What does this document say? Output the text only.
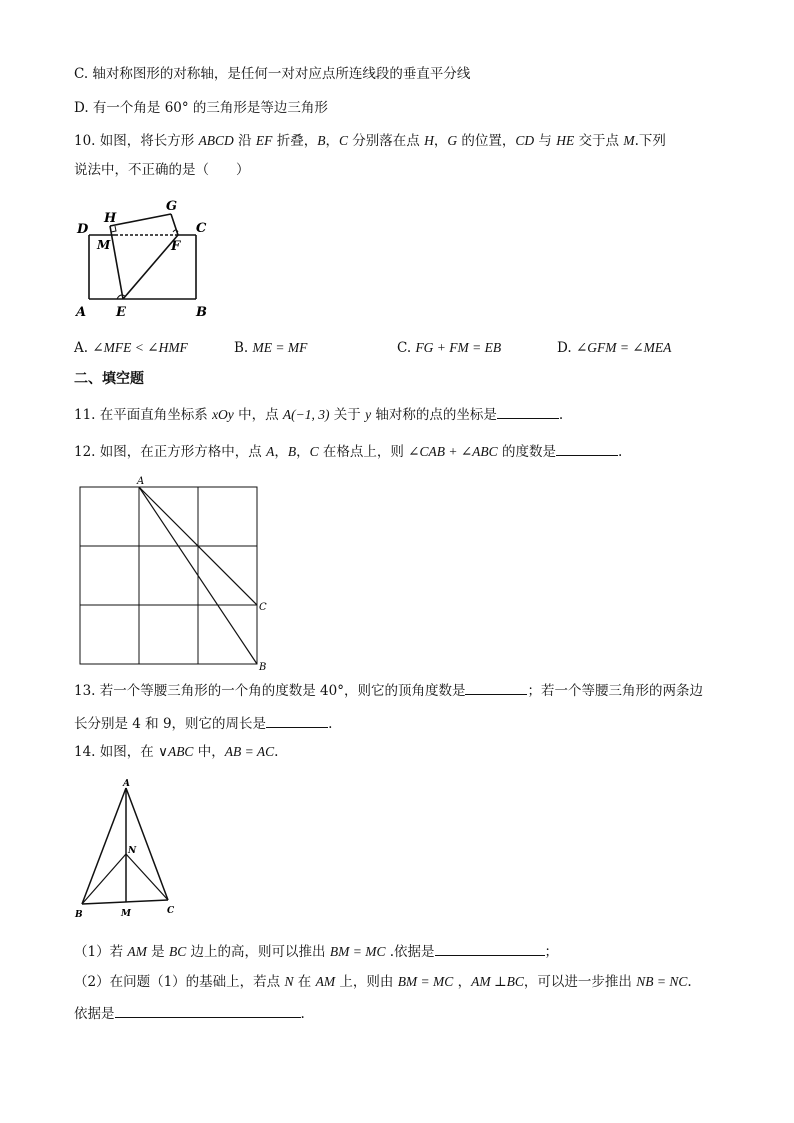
C. 轴对称图形的对称轴，是任何一对对应点所连线段的垂直平分线
D. 有一个角是 60° 的三角形是等边三角形
10. 如图，将长方形 ABCD 沿 EF 折叠，B，C 分别落在点 H，G 的位置，CD 与 HE 交于点 M.下列
说法中，不正确的是（　　）
D
H
G
C
M	F
A E	B
A. ∠MFE < ∠HMF	B. ME = MF	C. FG + FM = EB	D. ∠GFM = ∠MEA
二、填空题
11. 在平面直角坐标系 xOy 中，点 A(−1, 3) 关于 y 轴对称的点的坐标是	.
12. 如图，在正方形方格中，点 A，B，C 在格点上，则 ∠CAB + ∠ABC 的度数是	.
A
C
B
13. 若一个等腰三角形的一个角的度数是 40°，则它的顶角度数是	；若一个等腰三角形的两条边
长分别是 4 和 9，则它的周长是	.
14. 如图，在 ∨ABC 中，AB = AC.
A
N
B	M	C
（1）若 AM 是 BC 边上的高，则可以推出 BM = MC .依据是	；
（2）在问题（1）的基础上，若点 N 在 AM 上，则由 BM = MC ，AM ⊥BC，可以进一步推出 NB = NC.
依据是	.
